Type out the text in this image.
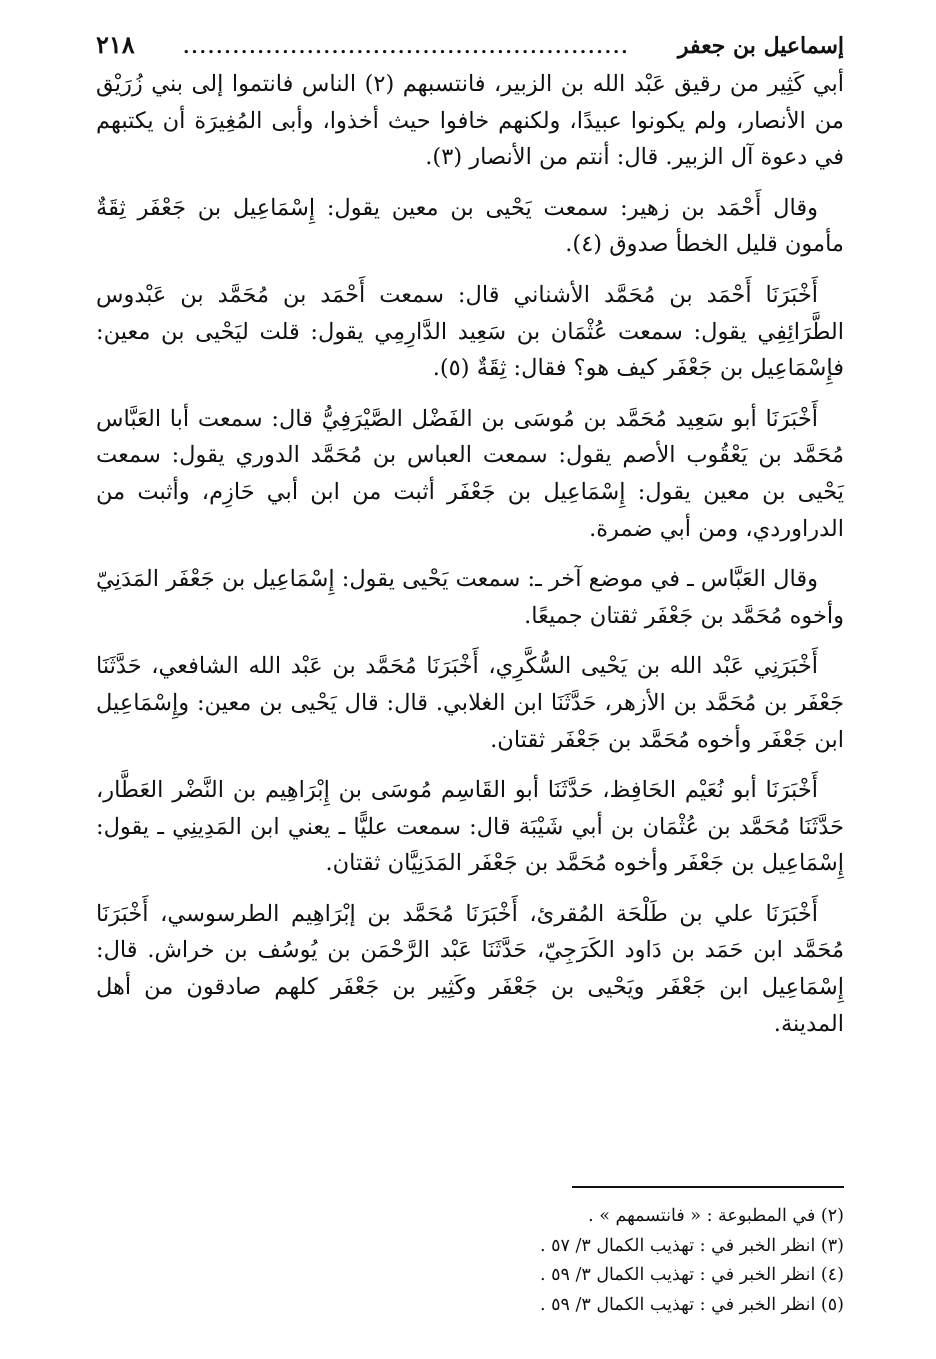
إسماعيل بن جعفر
......................................................
٢١٨

أبي كَثِير من رقيق عَبْد الله بن الزبير، فانتسبهم (٢) الناس فانتموا إلى بني زُرَيْق من الأنصار، ولم يكونوا عبيدًا، ولكنهم خافوا حيث أخذوا، وأبى المُغِيرَة أن يكتبهم في دعوة آل الزبير. قال: أنتم من الأنصار (٣).

وقال أَحْمَد بن زهير: سمعت يَحْيى بن معين يقول: إِسْمَاعِيل بن جَعْفَر ثِقَةٌ مأمون قليل الخطأ صدوق (٤).

أَخْبَرَنَا أَحْمَد بن مُحَمَّد الأشناني قال: سمعت أَحْمَد بن مُحَمَّد بن عَبْدوس الطَّرَائِفِي يقول: سمعت عُثْمَان بن سَعِيد الدَّارِمِي يقول: قلت ليَحْيى بن معين: فإِسْمَاعِيل بن جَعْفَر كيف هو؟ فقال: ثِقَةٌ (٥).

أَخْبَرَنَا أبو سَعِيد مُحَمَّد بن مُوسَى بن الفَضْل الصَّيْرَفِيُّ قال: سمعت أبا العَبَّاس مُحَمَّد بن يَعْقُوب الأصم يقول: سمعت العباس بن مُحَمَّد الدوري يقول: سمعت يَحْيى بن معين يقول: إِسْمَاعِيل بن جَعْفَر أثبت من ابن أبي حَازِم، وأثبت من الدراوردي، ومن أبي ضمرة.

وقال العَبَّاس ـ في موضع آخر ـ: سمعت يَحْيى يقول: إِسْمَاعِيل بن جَعْفَر المَدَنِيّ وأخوه مُحَمَّد بن جَعْفَر ثقتان جميعًا.

أَخْبَرَنِي عَبْد الله بن يَحْيى السُّكَّرِي، أَخْبَرَنَا مُحَمَّد بن عَبْد الله الشافعي، حَدَّثَنَا جَعْفَر بن مُحَمَّد بن الأزهر، حَدَّثَنَا ابن الغلابي. قال: قال يَحْيى بن معين: وإِسْمَاعِيل ابن جَعْفَر وأخوه مُحَمَّد بن جَعْفَر ثقتان.

أَخْبَرَنَا أبو نُعَيْم الحَافِظ، حَدَّثَنَا أبو القَاسِم مُوسَى بن إِبْرَاهِيم بن النَّضْر العَطَّار، حَدَّثَنَا مُحَمَّد بن عُثْمَان بن أبي شَيْبَة قال: سمعت عليًّا ـ يعني ابن المَدِينِي ـ يقول: إِسْمَاعِيل بن جَعْفَر وأخوه مُحَمَّد بن جَعْفَر المَدَنِيَّان ثقتان.

أَخْبَرَنَا علي بن طَلْحَة المُقرئ، أَخْبَرَنَا مُحَمَّد بن إبْرَاهِيم الطرسوسي، أَخْبَرَنَا مُحَمَّد ابن حَمَد بن دَاود الكَرَجِيّ، حَدَّثَنَا عَبْد الرَّحْمَن بن يُوسُف بن خراش. قال: إِسْمَاعِيل ابن جَعْفَر ويَحْيى بن جَعْفَر وكَثِير بن جَعْفَر كلهم صادقون من أهل المدينة.

(٢) في المطبوعة : « فانتسمهم » .

(٣) انظر الخبر في : تهذيب الكمال ٣/ ٥٧ .

(٤) انظر الخبر في : تهذيب الكمال ٣/ ٥٩ .

(٥) انظر الخبر في : تهذيب الكمال ٣/ ٥٩ .
